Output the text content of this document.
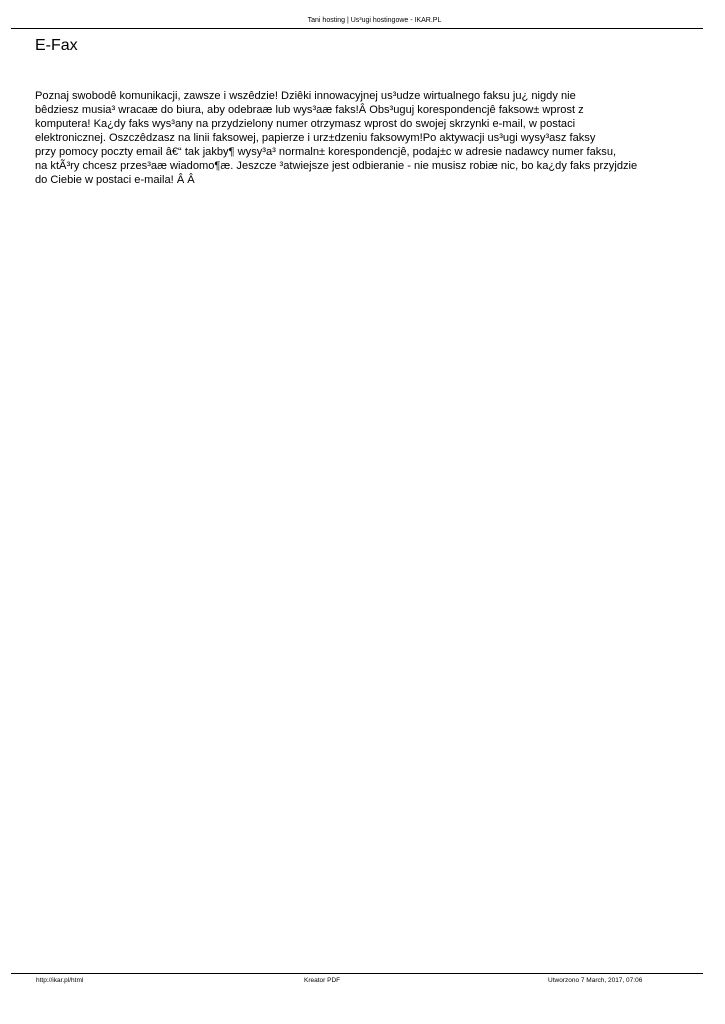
Tani hosting | Us³ugi hostingowe - IKAR.PL
E-Fax
Poznaj swobodê komunikacji, zawsze i wszêdzie! Dziêki innowacyjnej us³udze wirtualnego faksu ju¿ nigdy nie
bêdziesz musia³ wracaæ do biura, aby odebraæ lub wys³aæ faks!Â Obs³uguj korespondencjê faksow± wprost z
komputera! Ka¿dy faks wys³any na przydzielony numer otrzymasz wprost do swojej skrzynki e-mail, w postaci
elektronicznej. Oszczêdzasz na linii faksowej, papierze i urz±dzeniu faksowym!Po aktywacji us³ugi wysy³asz faksy
przy pomocy poczty email â€“ tak jakby¶ wysy³a³ normaln± korespondencjê, podaj±c w adresie nadawcy numer faksu,
na ktÃ³ry chcesz przes³aæ wiadomo¶æ. Jeszcze ³atwiejsze jest odbieranie - nie musisz robiæ nic, bo ka¿dy faks przyjdzie
do Ciebie w postaci e-maila! Â Â
http://ikar.pl/html	Kreator PDF	Utworzono 7 March, 2017, 07:06
